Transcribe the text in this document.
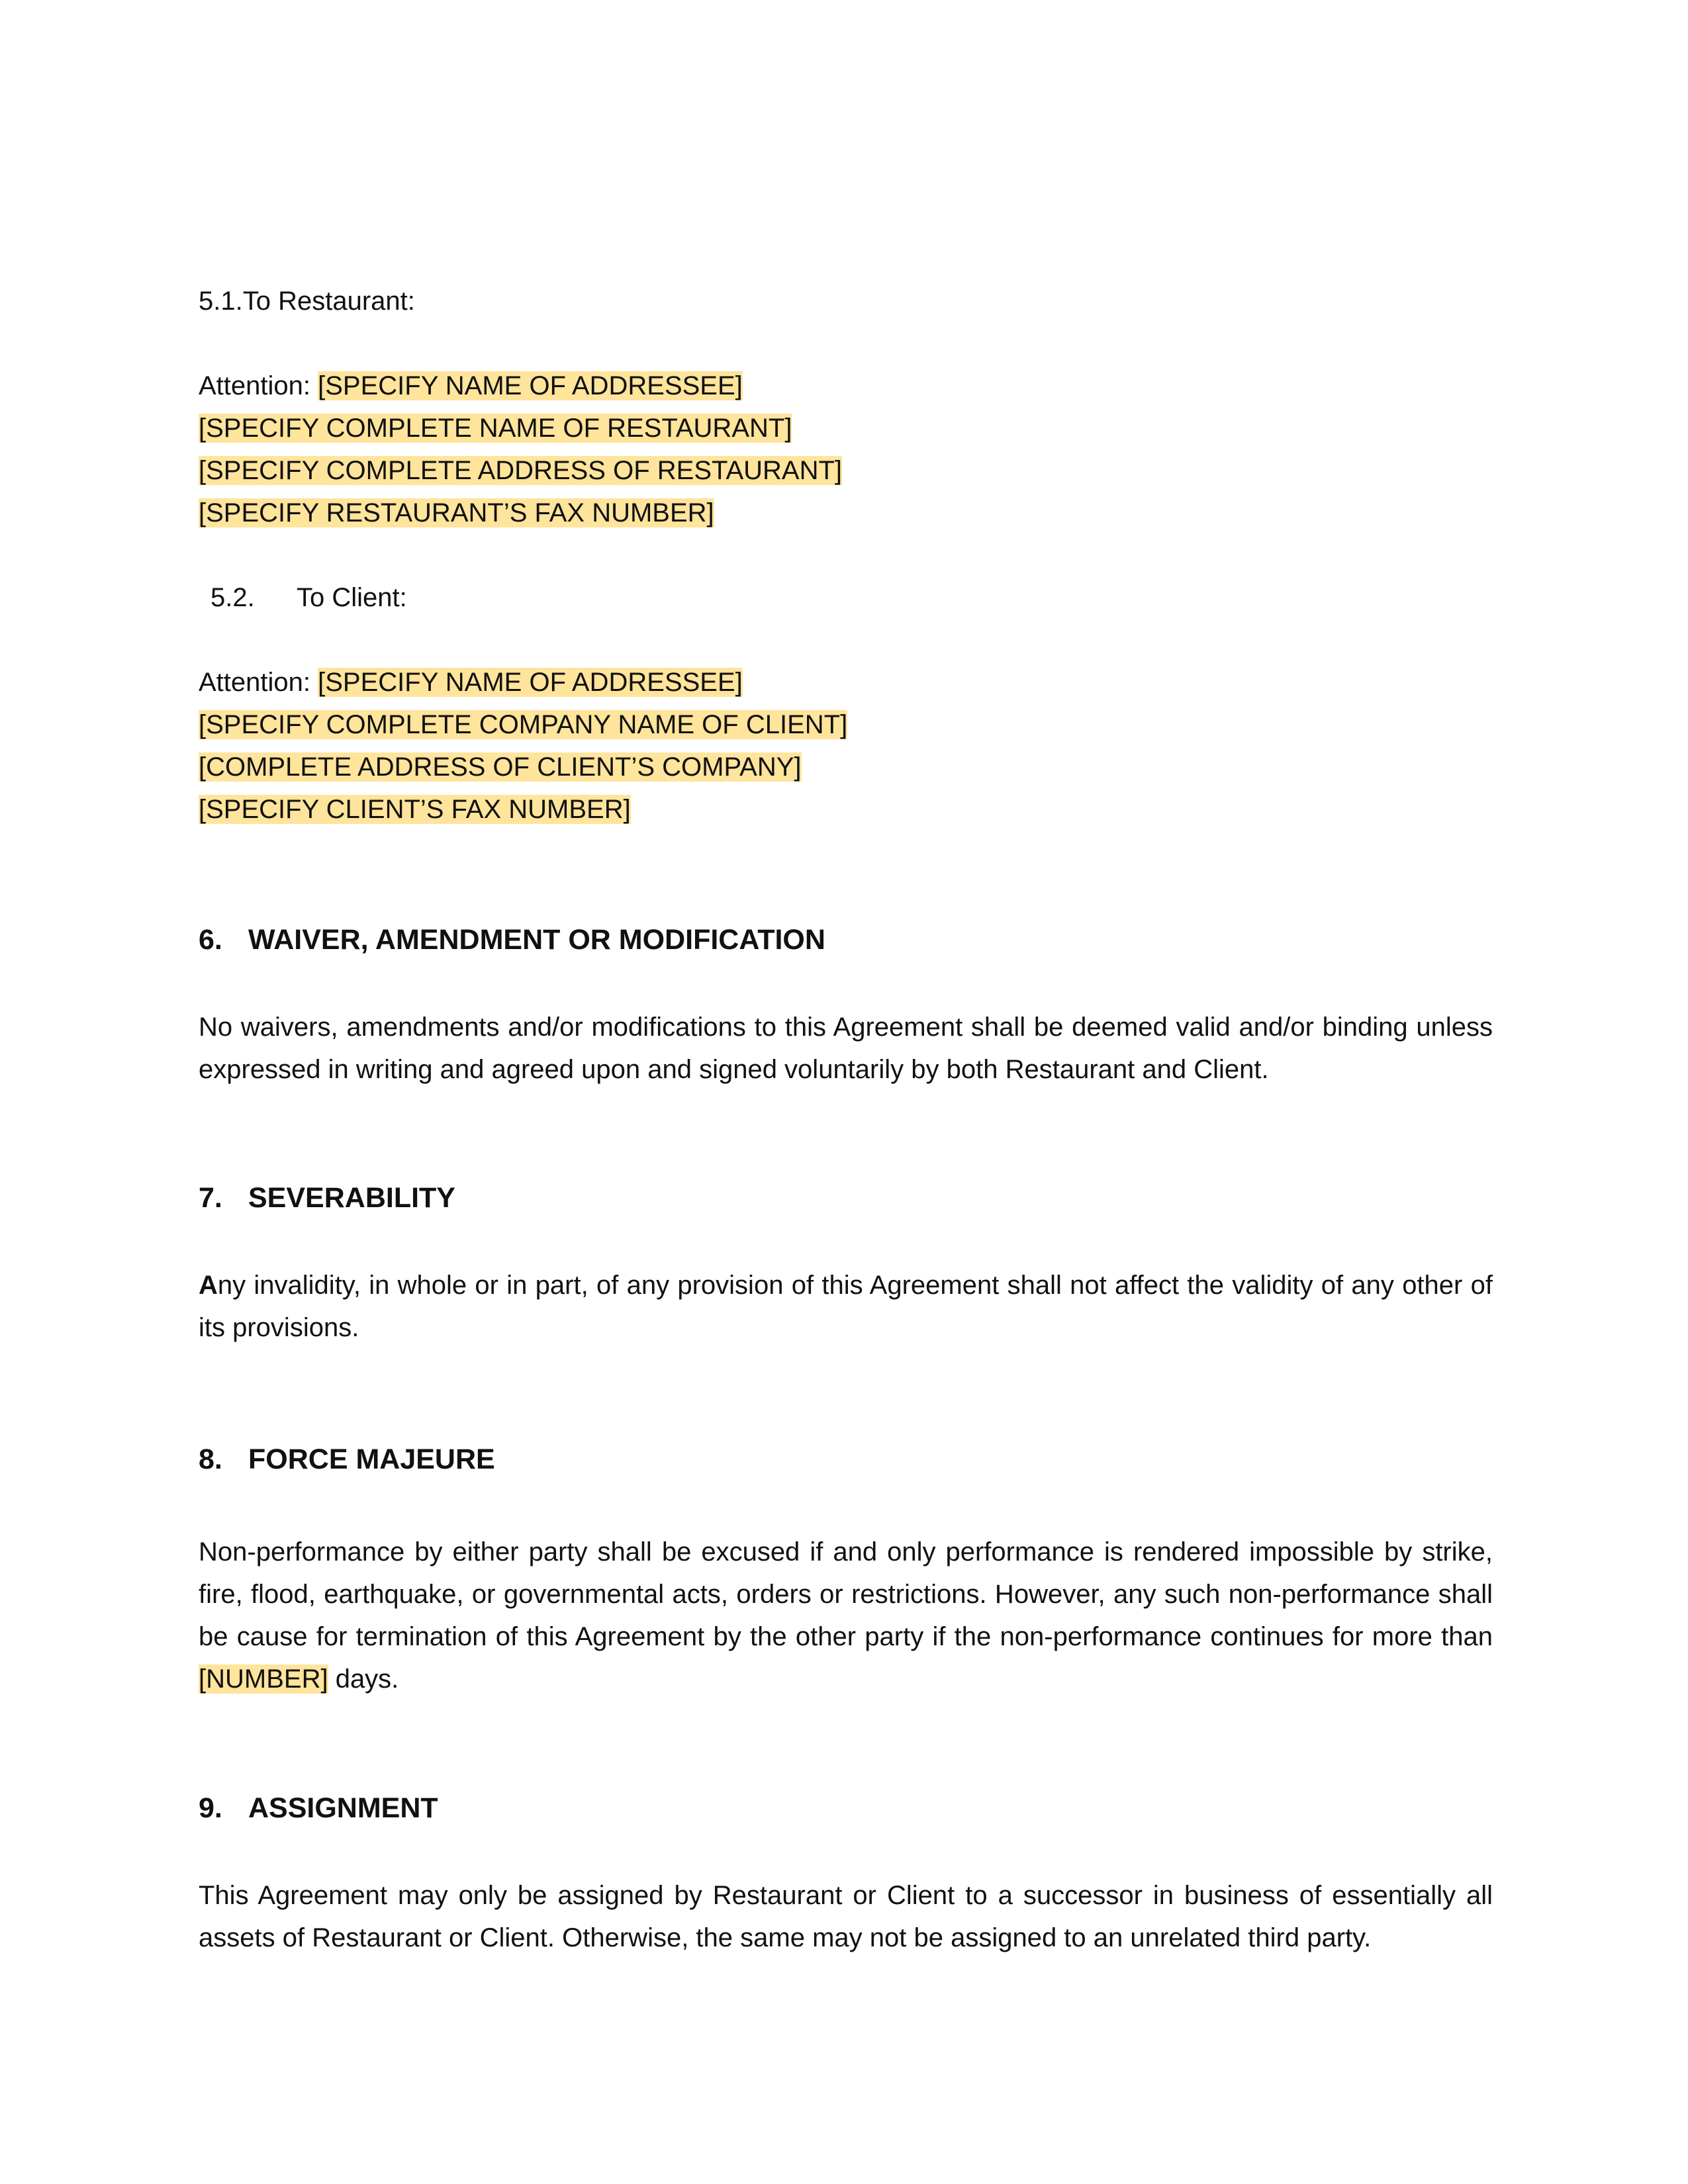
5.1.To Restaurant:

Attention: [SPECIFY NAME OF ADDRESSEE]

[SPECIFY COMPLETE NAME OF RESTAURANT]

[SPECIFY COMPLETE ADDRESS OF RESTAURANT]

[SPECIFY RESTAURANT’S FAX NUMBER]

5.2. To Client:

Attention: [SPECIFY NAME OF ADDRESSEE]

[SPECIFY COMPLETE COMPANY NAME OF CLIENT]

[COMPLETE ADDRESS OF CLIENT’S COMPANY]

[SPECIFY CLIENT’S FAX NUMBER]

6. WAIVER, AMENDMENT OR MODIFICATION

No waivers, amendments and/or modifications to this Agreement shall be deemed valid and/or binding unless expressed in writing and agreed upon and signed voluntarily by both Restaurant and Client.

7. SEVERABILITY

Any invalidity, in whole or in part, of any provision of this Agreement shall not affect the validity of any other of its provisions.

8. FORCE MAJEURE

Non-performance by either party shall be excused if and only performance is rendered impossible by strike, fire, flood, earthquake, or governmental acts, orders or restrictions. However, any such non-performance shall be cause for termination of this Agreement by the other party if the non-performance continues for more than [NUMBER] days.

9. ASSIGNMENT

This Agreement may only be assigned by Restaurant or Client to a successor in business of essentially all assets of Restaurant or Client. Otherwise, the same may not be assigned to an unrelated third party.
